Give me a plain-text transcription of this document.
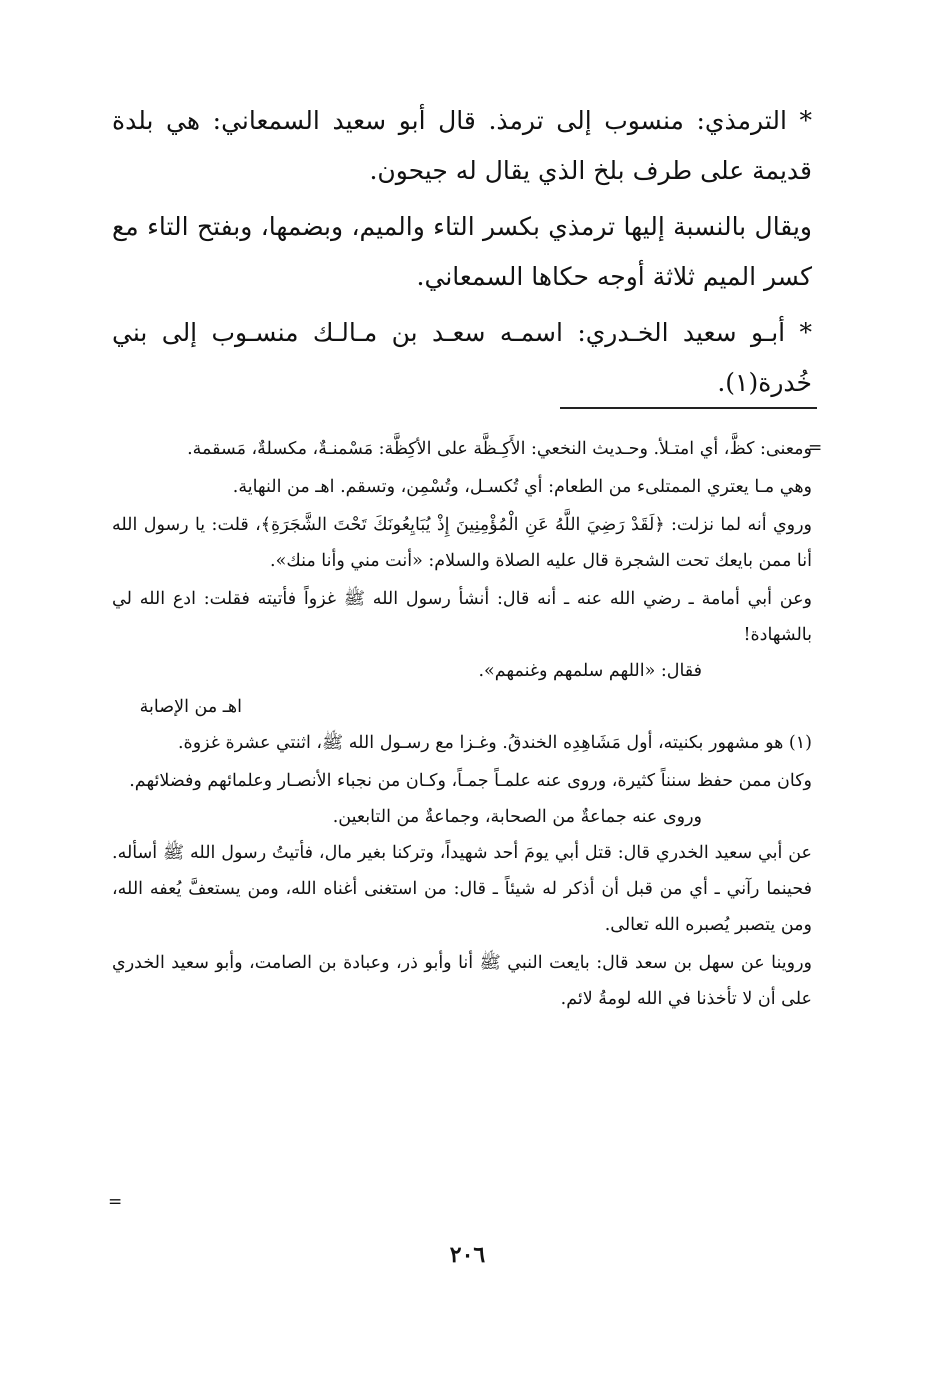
* الترمذي: منسوب إلى ترمذ. قال أبو سعيد السمعاني: هي بلدة قديمة على طرف بلخ الذي يقال له جيحون.

ويقال بالنسبة إليها ترمذي بكسر التاء والميم، وبضمها، وبفتح التاء مع كسر الميم ثلاثة أوجه حكاها السمعاني.

* أبـو سعيد الخـدري: اسمـه سعـد بن مـالـك منسـوب إلى بني خُدرة(١).

=

ومعنى: كظَّ، أي امتـلأ. وحـديث النخعي: الأَكِـظَّة على الأكِظَّة: مَسْمنـةٌ، مكسلةٌ، مَسقمة.

وهي مـا يعتري الممتلىء من الطعام: أي تُكسـل، وتُسْمِن، وتسقم. اهـ من النهاية.

وروي أنه لما نزلت: ﴿لَقَدْ رَضِيَ اللَّهُ عَنِ الْمُؤْمِنِينَ إِذْ يُبَايِعُونَكَ تَحْتَ الشَّجَرَةِ﴾، قلت: يا رسول الله أنا ممن بايعك تحت الشجرة قال عليه الصلاة والسلام: «أنت مني وأنا منك».

وعن أبي أمامة ـ رضي الله عنه ـ أنه قال: أنشأ رسول الله ﷺ غزواً فأتيته فقلت: ادع الله لي بالشهادة!

فقال: «اللهم سلمهم وغنمهم».

اهـ من الإصابة

(١) هو مشهور بكنيته، أول مَشَاهِدِه الخندقُ. وغـزا مع رسـول الله ﷺ، اثنتي عشرة غزوة.

وكان ممن حفظ سنناً كثيرة، وروى عنه علمـاً جمـاً، وكـان من نجباء الأنصـار وعلمائهم وفضلائهم.

وروى عنه جماعةٌ من الصحابة، وجماعةٌ من التابعين.

عن أبي سعيد الخدري قال: قتل أبي يومَ أحد شهيداً، وتركنا بغير مال، فأتيتُ رسول الله ﷺ أسأله. فحينما رآني ـ أي من قبل أن أذكر له شيئاً ـ قال: من استغنى أغناه الله، ومن يستعفَّ يُعفه الله، ومن يتصبر يُصبره الله تعالى.

وروينا عن سهل بن سعد قال: بايعت النبي ﷺ أنا وأبو ذر، وعبادة بن الصامت، وأبو سعيد الخدري على أن لا تأخذنا في الله لومةُ لائم.

=
٢٠٦
